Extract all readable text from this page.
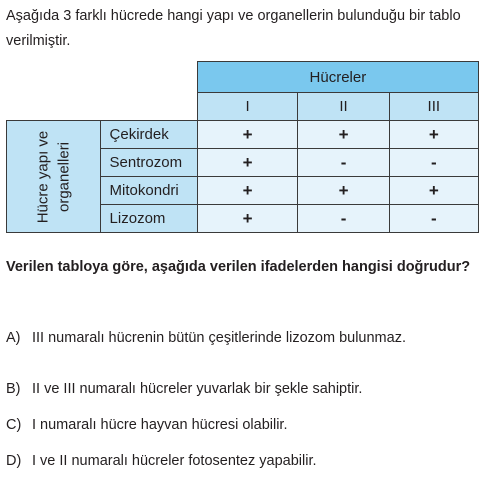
Aşağıda 3 farklı hücrede hangi yapı ve organellerin bulunduğu bir tablo verilmiştir.

		Hücreler		
		I	II	III

Hücre yapı ve organelleri	Çekirdek	+	+	+
	Sentrozom	+	-	-
	Mitokondri	+	+	+
	Lizozom	+	-	-

Verilen tabloya göre, aşağıda verilen ifadelerden hangisi doğrudur?

A) III numaralı hücrenin bütün çeşitlerinde lizozom bulunmaz.

B) II ve III numaralı hücreler yuvarlak bir şekle sahiptir.

C) I numaralı hücre hayvan hücresi olabilir.

D) I ve II numaralı hücreler fotosentez yapabilir.
